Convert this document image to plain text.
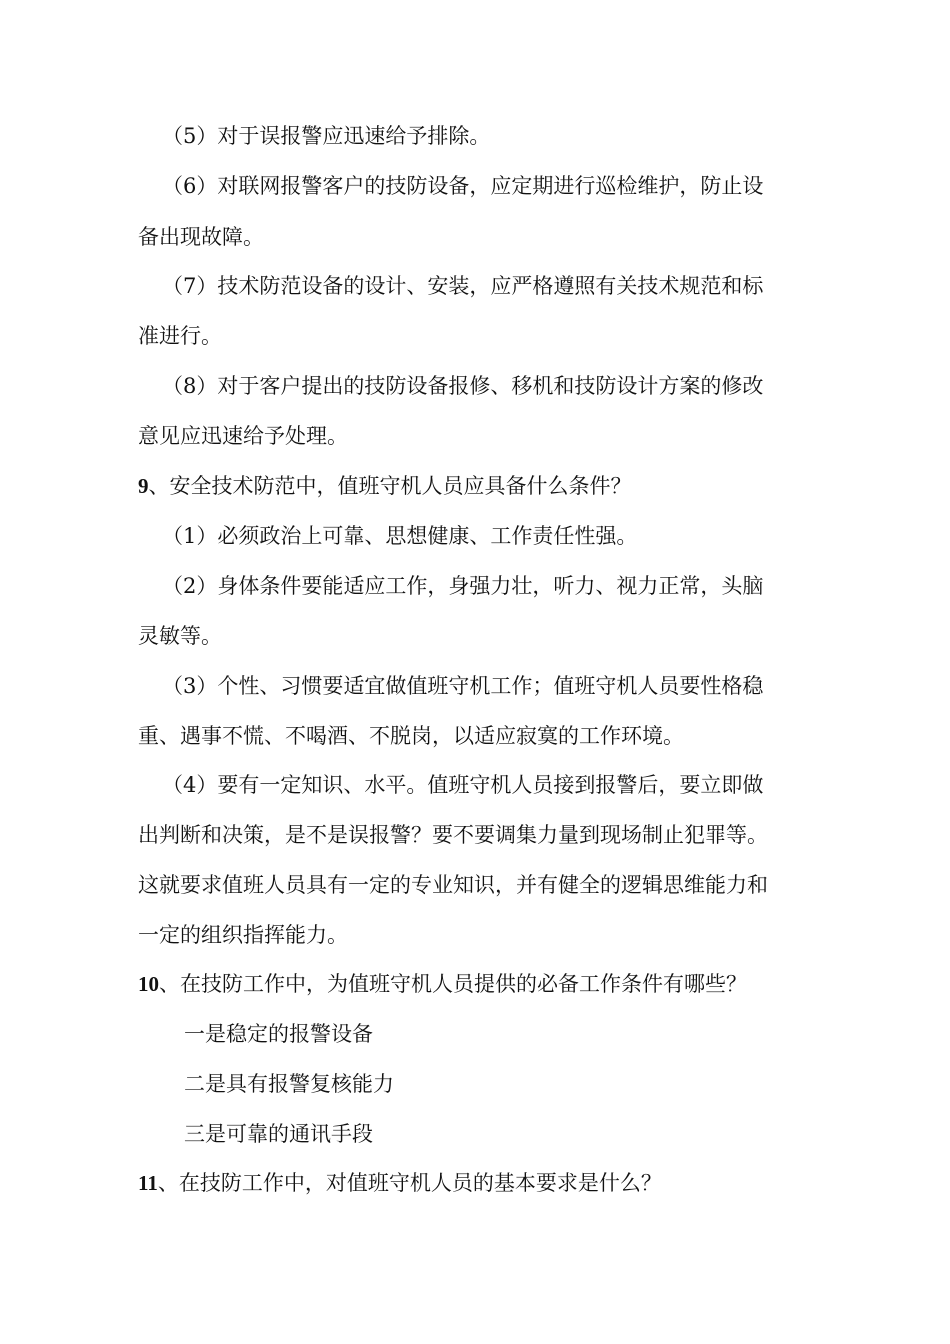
（5）对于误报警应迅速给予排除。
（6）对联网报警客户的技防设备，应定期进行巡检维护，防止设
备出现故障。
（7）技术防范设备的设计、安装，应严格遵照有关技术规范和标
准进行。
（8）对于客户提出的技防设备报修、移机和技防设计方案的修改
意见应迅速给予处理。
9、安全技术防范中，值班守机人员应具备什么条件？
（1）必须政治上可靠、思想健康、工作责任性强。
（2）身体条件要能适应工作，身强力壮，听力、视力正常，头脑
灵敏等。
（3）个性、习惯要适宜做值班守机工作；值班守机人员要性格稳
重、遇事不慌、不喝酒、不脱岗，以适应寂寞的工作环境。
（4）要有一定知识、水平。值班守机人员接到报警后，要立即做
出判断和决策，是不是误报警？要不要调集力量到现场制止犯罪等。
这就要求值班人员具有一定的专业知识，并有健全的逻辑思维能力和
一定的组织指挥能力。
10、在技防工作中，为值班守机人员提供的必备工作条件有哪些？
一是稳定的报警设备
二是具有报警复核能力
三是可靠的通讯手段
11、在技防工作中，对值班守机人员的基本要求是什么？
